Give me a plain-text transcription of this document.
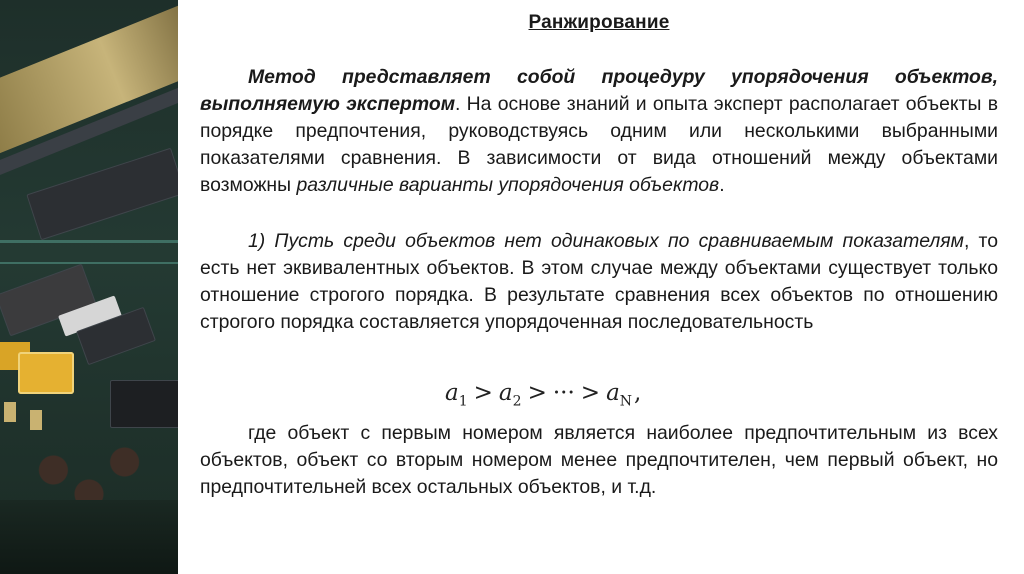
Ранжирование
Метод представляет собой процедуру упорядочения объектов, выполняемую экспертом. На основе знаний и опыта эксперт располагает объекты в порядке предпочтения, руководствуясь одним или несколькими выбранными показателями сравнения. В зависимости от вида отношений между объектами возможны различные варианты упорядочения объектов.
1) Пусть среди объектов нет одинаковых по сравниваемым показателям, то есть нет эквивалентных объектов. В этом случае между объектами существует только отношение строгого порядка. В результате сравнения всех объектов по отношению строгого порядка составляется упорядоченная последовательность
$a_1 > a_2$ > ··· > $a_N$,
где объект с первым номером является наиболее предпочтительным из всех объектов, объект со вторым номером менее предпочтителен, чем первый объект, но предпочтительней всех остальных объектов, и т.д.
